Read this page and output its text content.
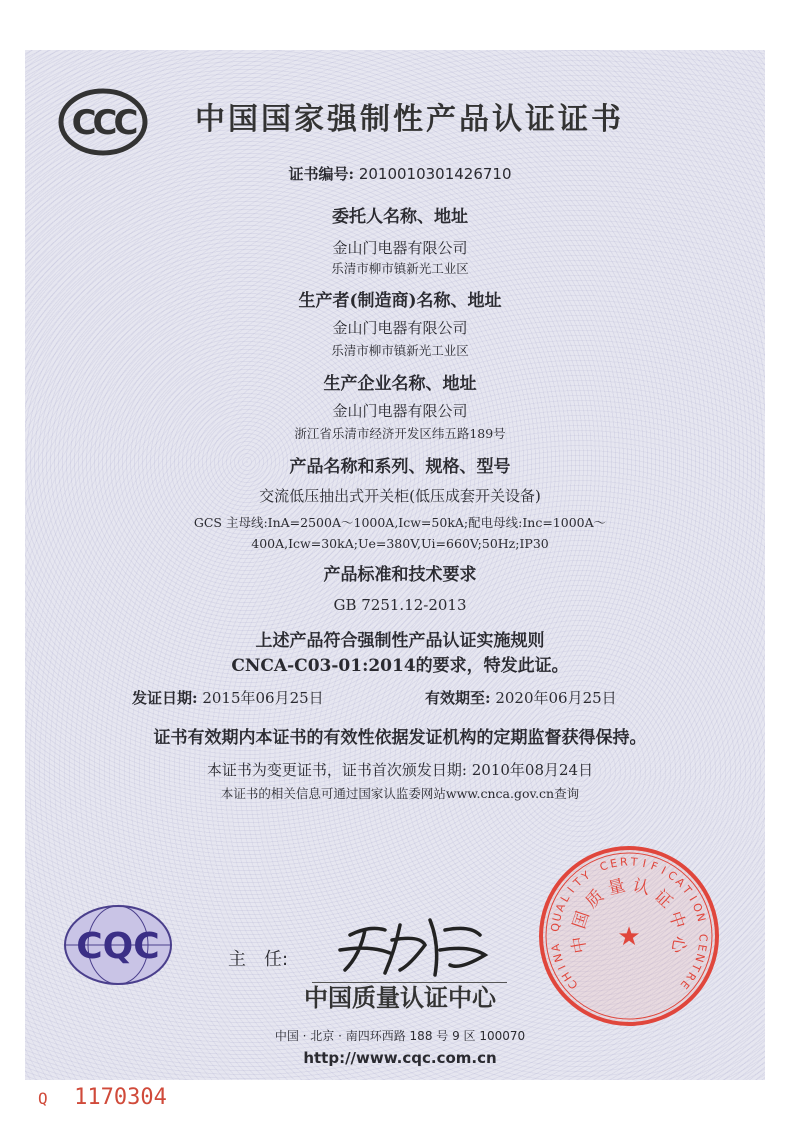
CCC 中国国家强制性产品认证证书
证书编号: 2010010301426710
委托人名称、地址
金山门电器有限公司
乐清市柳市镇新光工业区
生产者(制造商)名称、地址
金山门电器有限公司
乐清市柳市镇新光工业区
生产企业名称、地址
金山门电器有限公司
浙江省乐清市经济开发区纬五路189号
产品名称和系列、规格、型号
交流低压抽出式开关柜(低压成套开关设备)
GCS 主母线:InA=2500A～1000A,Icw=50kA;配电母线:Inc=1000A～
400A,Icw=30kA;Ue=380V,Ui=660V;50Hz;IP30
产品标准和技术要求
GB 7251.12-2013
上述产品符合强制性产品认证实施规则
CNCA-C03-01:2014的要求，特发此证。
发证日期: 2015年06月25日	有效期至: 2020年06月25日
证书有效期内本证书的有效性依据发证机构的定期监督获得保持。
本证书为变更证书，证书首次颁发日期: 2010年08月24日
本证书的相关信息可通过国家认监委网站www.cnca.gov.cn查询
CQC	主　任:
中国质量认证中心
中国 · 北京 · 南四环西路 188 号 9 区 100070
http://www.cqc.com.cn
C
H
I
N
A
Q
U
A
L
I
T
Y
C E R T I F I
C
A
T
I
O
N
C
E
N
T
R
E
中
国
质
量 认
证
中
心
★
Q 1170304
